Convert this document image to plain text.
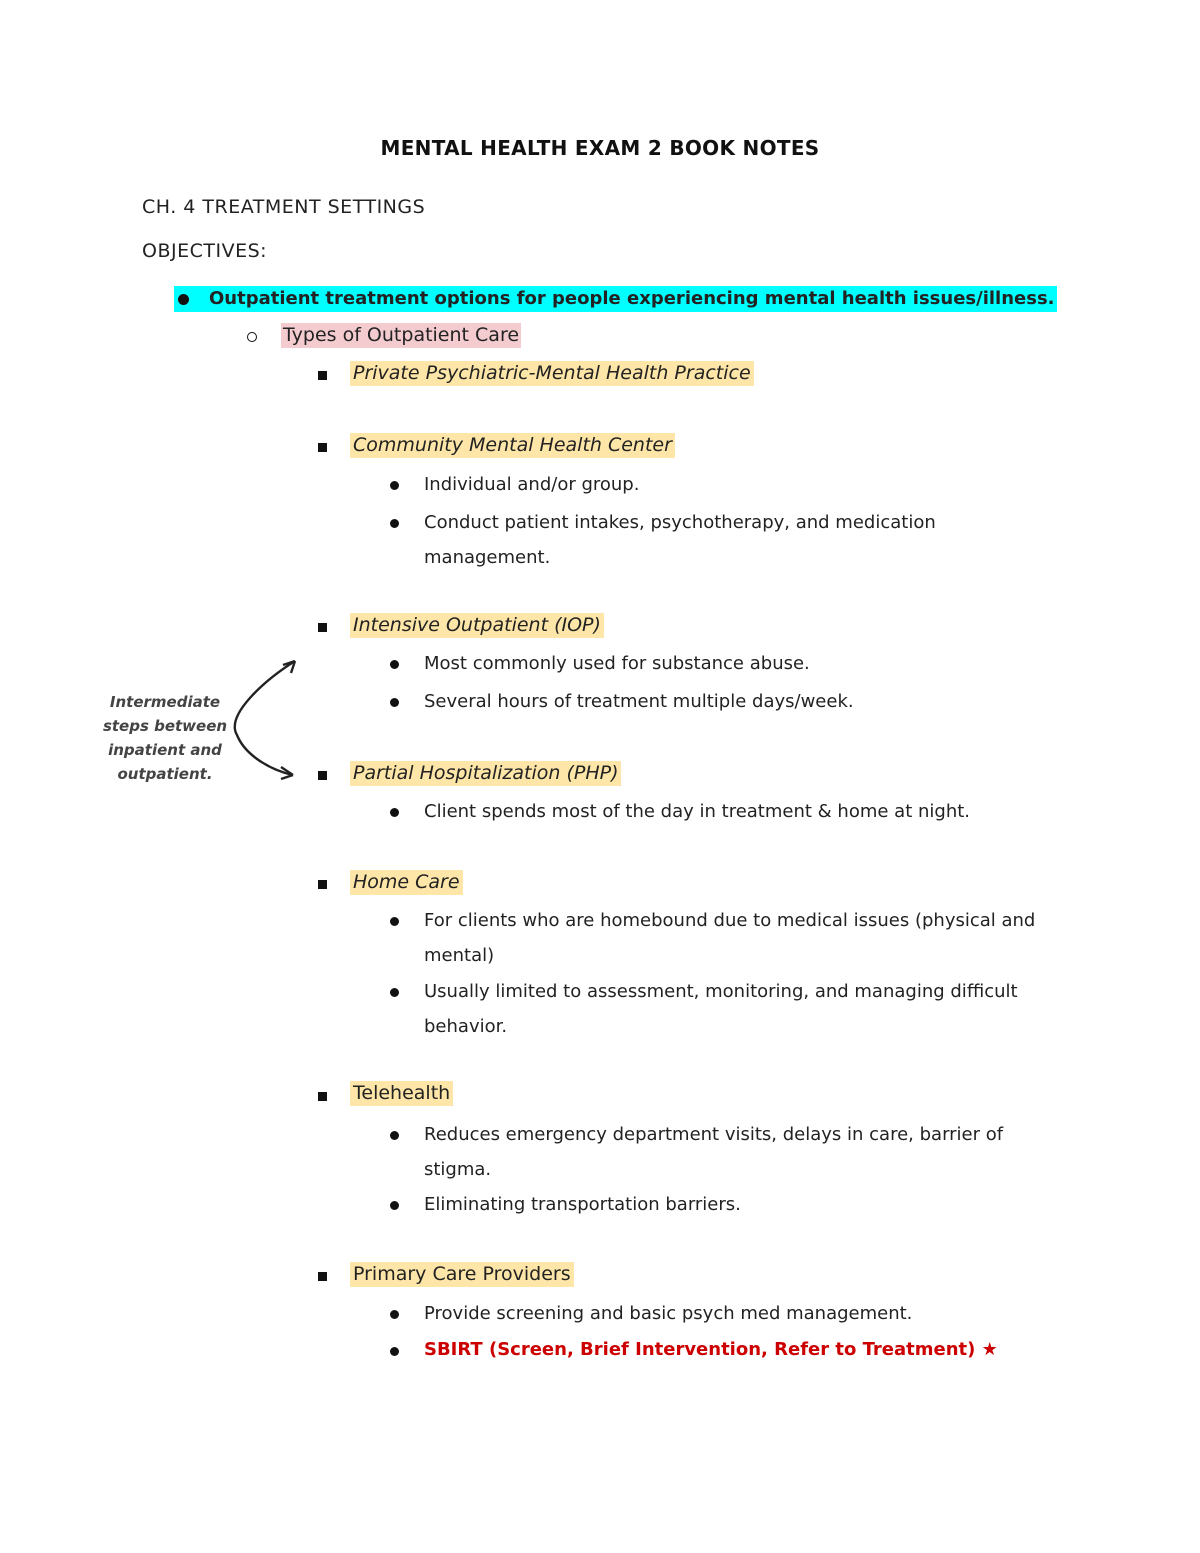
MENTAL HEALTH EXAM 2 BOOK NOTES
CH. 4 TREATMENT SETTINGS
OBJECTIVES:
Outpatient treatment options for people experiencing mental health issues/illness.
Types of Outpatient Care
Private Psychiatric-Mental Health Practice
Community Mental Health Center
Individual and/or group.
Conduct patient intakes, psychotherapy, and medication management.
Intensive Outpatient (IOP)
Most commonly used for substance abuse.
Several hours of treatment multiple days/week.
Intermediate steps between inpatient and outpatient.	Partial Hospitalization (PHP)
Client spends most of the day in treatment & home at night.
Home Care
For clients who are homebound due to medical issues (physical and mental)
Usually limited to assessment, monitoring, and managing difficult behavior.
Telehealth
Reduces emergency department visits, delays in care, barrier of stigma.
Eliminating transportation barriers.
Primary Care Providers
Provide screening and basic psych med management.
SBIRT (Screen, Brief Intervention, Refer to Treatment) ★
